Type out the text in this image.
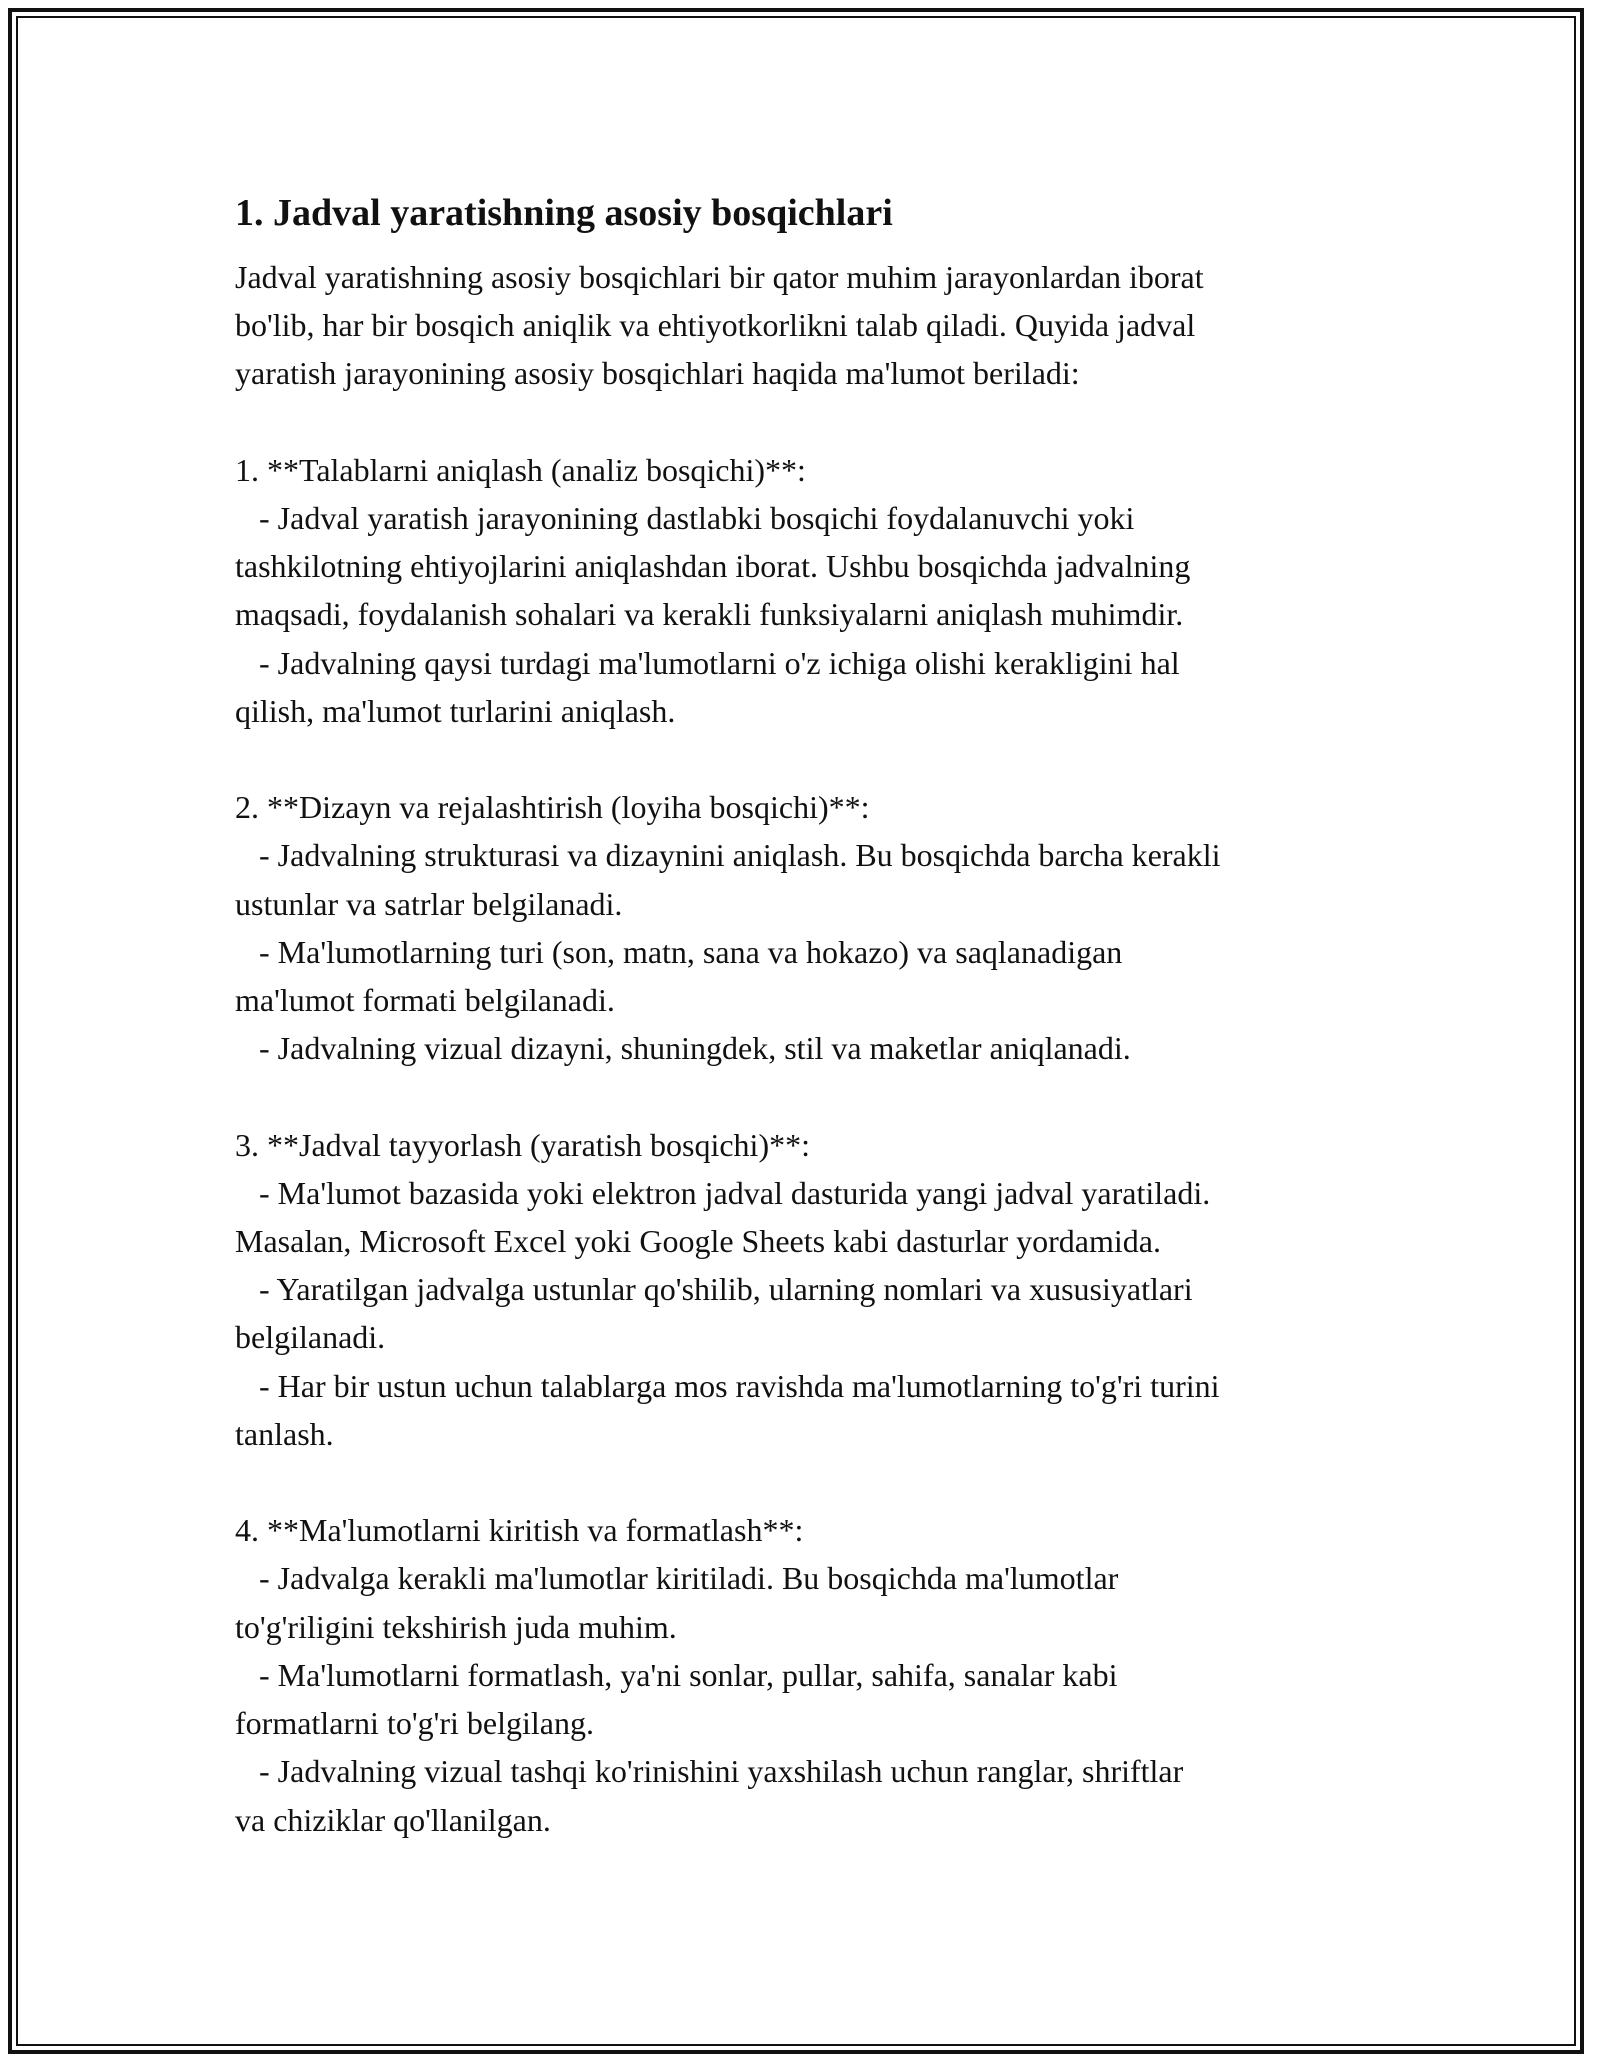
1. Jadval yaratishning asosiy bosqichlari
Jadval yaratishning asosiy bosqichlari bir qator muhim jarayonlardan iborat
bo'lib, har bir bosqich aniqlik va ehtiyotkorlikni talab qiladi. Quyida jadval
yaratish jarayonining asosiy bosqichlari haqida ma'lumot beriladi:

1. **Talablarni aniqlash (analiz bosqichi)**:
- Jadval yaratish jarayonining dastlabki bosqichi foydalanuvchi yoki
tashkilotning ehtiyojlarini aniqlashdan iborat. Ushbu bosqichda jadvalning
maqsadi, foydalanish sohalari va kerakli funksiyalarni aniqlash muhimdir.
- Jadvalning qaysi turdagi ma'lumotlarni o'z ichiga olishi kerakligini hal
qilish, ma'lumot turlarini aniqlash.

2. **Dizayn va rejalashtirish (loyiha bosqichi)**:
- Jadvalning strukturasi va dizaynini aniqlash. Bu bosqichda barcha kerakli
ustunlar va satrlar belgilanadi.
- Ma'lumotlarning turi (son, matn, sana va hokazo) va saqlanadigan
ma'lumot formati belgilanadi.
- Jadvalning vizual dizayni, shuningdek, stil va maketlar aniqlanadi.

3. **Jadval tayyorlash (yaratish bosqichi)**:
- Ma'lumot bazasida yoki elektron jadval dasturida yangi jadval yaratiladi.
Masalan, Microsoft Excel yoki Google Sheets kabi dasturlar yordamida.
- Yaratilgan jadvalga ustunlar qo'shilib, ularning nomlari va xususiyatlari
belgilanadi.
- Har bir ustun uchun talablarga mos ravishda ma'lumotlarning to'g'ri turini
tanlash.

4. **Ma'lumotlarni kiritish va formatlash**:
- Jadvalga kerakli ma'lumotlar kiritiladi. Bu bosqichda ma'lumotlar
to'g'riligini tekshirish juda muhim.
- Ma'lumotlarni formatlash, ya'ni sonlar, pullar, sahifa, sanalar kabi
formatlarni to'g'ri belgilang.
- Jadvalning vizual tashqi ko'rinishini yaxshilash uchun ranglar, shriftlar
va chiziklar qo'llanilgan.
